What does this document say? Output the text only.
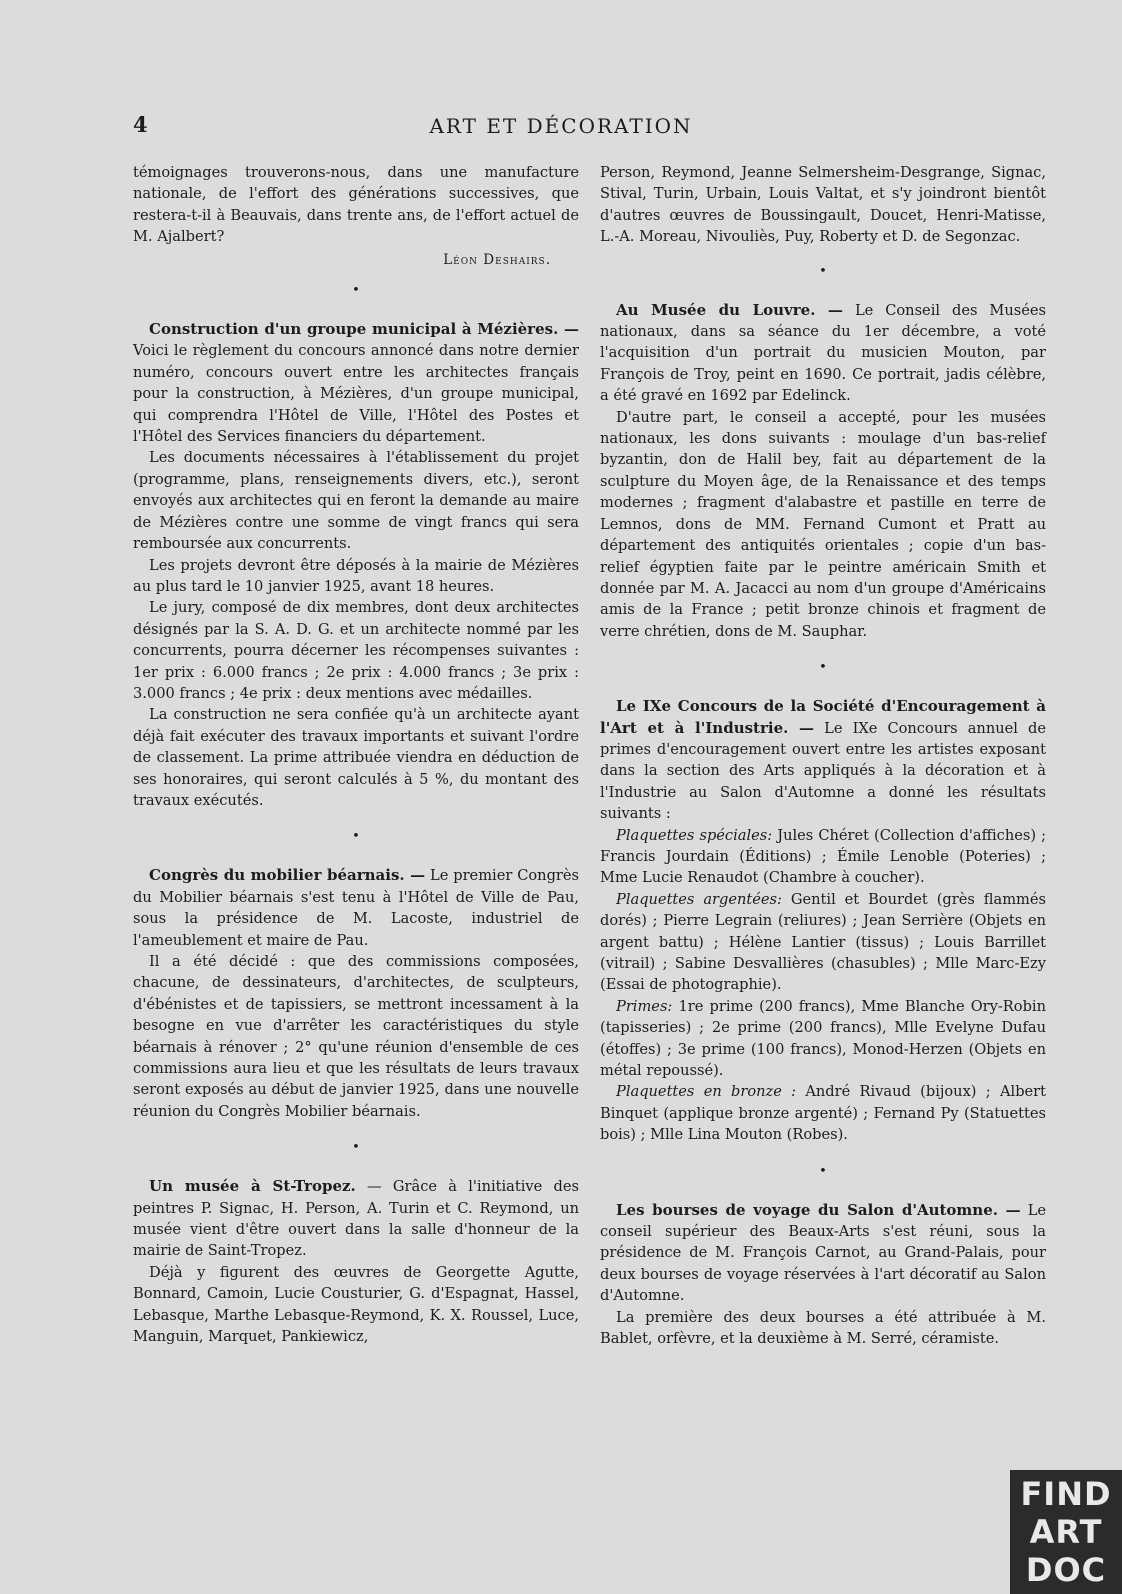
4	ART ET DÉCORATION

témoignages trouverons-nous, dans une manufacture nationale, de l'effort des générations successives, que restera-t-il à Beauvais, dans trente ans, de l'effort actuel de M. Ajalbert?

Léon Deshairs.

•

Construction d'un groupe municipal à Mézières. — Voici le règlement du concours annoncé dans notre dernier numéro, concours ouvert entre les architectes français pour la construction, à Mézières, d'un groupe municipal, qui comprendra l'Hôtel de Ville, l'Hôtel des Postes et l'Hôtel des Services financiers du département.

Les documents nécessaires à l'établissement du projet (programme, plans, renseignements divers, etc.), seront envoyés aux architectes qui en feront la demande au maire de Mézières contre une somme de vingt francs qui sera remboursée aux concurrents.

Les projets devront être déposés à la mairie de Mézières au plus tard le 10 janvier 1925, avant 18 heures.

Le jury, composé de dix membres, dont deux architectes désignés par la S. A. D. G. et un architecte nommé par les concurrents, pourra décerner les récompenses suivantes : 1er prix : 6.000 francs ; 2e prix : 4.000 francs ; 3e prix : 3.000 francs ; 4e prix : deux mentions avec médailles.

La construction ne sera confiée qu'à un architecte ayant déjà fait exécuter des travaux importants et suivant l'ordre de classement. La prime attribuée viendra en déduction de ses honoraires, qui seront calculés à 5 %, du montant des travaux exécutés.

•

Congrès du mobilier béarnais. — Le premier Congrès du Mobilier béarnais s'est tenu à l'Hôtel de Ville de Pau, sous la présidence de M. Lacoste, industriel de l'ameublement et maire de Pau.

Il a été décidé : que des commissions composées, chacune, de dessinateurs, d'architectes, de sculpteurs, d'ébénistes et de tapissiers, se mettront incessament à la besogne en vue d'arrêter les caractéristiques du style béarnais à rénover ; 2° qu'une réunion d'ensemble de ces commissions aura lieu et que les résultats de leurs travaux seront exposés au début de janvier 1925, dans une nouvelle réunion du Congrès Mobilier béarnais.

•

Un musée à St-Tropez. — Grâce à l'initiative des peintres P. Signac, H. Person, A. Turin et C. Reymond, un musée vient d'être ouvert dans la salle d'honneur de la mairie de Saint-Tropez.

Déjà y figurent des œuvres de Georgette Agutte, Bonnard, Camoin, Lucie Cousturier, G. d'Espagnat, Hassel, Lebasque, Marthe Lebasque-Reymond, K. X. Roussel, Luce, Manguin, Marquet, Pankiewicz,

Person, Reymond, Jeanne Selmersheim-Desgrange, Signac, Stival, Turin, Urbain, Louis Valtat, et s'y joindront bientôt d'autres œuvres de Boussingault, Doucet, Henri-Matisse, L.-A. Moreau, Nivouliès, Puy, Roberty et D. de Segonzac.

•

Au Musée du Louvre. — Le Conseil des Musées nationaux, dans sa séance du 1er décembre, a voté l'acquisition d'un portrait du musicien Mouton, par François de Troy, peint en 1690. Ce portrait, jadis célèbre, a été gravé en 1692 par Edelinck.

D'autre part, le conseil a accepté, pour les musées nationaux, les dons suivants : moulage d'un bas-relief byzantin, don de Halil bey, fait au département de la sculpture du Moyen âge, de la Renaissance et des temps modernes ; fragment d'alabastre et pastille en terre de Lemnos, dons de MM. Fernand Cumont et Pratt au département des antiquités orientales ; copie d'un bas-relief égyptien faite par le peintre américain Smith et donnée par M. A. Jacacci au nom d'un groupe d'Américains amis de la France ; petit bronze chinois et fragment de verre chrétien, dons de M. Sauphar.

•

Le IXe Concours de la Société d'Encouragement à l'Art et à l'Industrie. — Le IXe Concours annuel de primes d'encouragement ouvert entre les artistes exposant dans la section des Arts appliqués à la décoration et à l'Industrie au Salon d'Automne a donné les résultats suivants :

Plaquettes spéciales: Jules Chéret (Collection d'affiches) ; Francis Jourdain (Éditions) ; Émile Lenoble (Poteries) ; Mme Lucie Renaudot (Chambre à coucher).

Plaquettes argentées: Gentil et Bourdet (grès flammés dorés) ; Pierre Legrain (reliures) ; Jean Serrière (Objets en argent battu) ; Hélène Lantier (tissus) ; Louis Barrillet (vitrail) ; Sabine Desvallières (chasubles) ; Mlle Marc-Ezy (Essai de photographie).

Primes: 1re prime (200 francs), Mme Blanche Ory-Robin (tapisseries) ; 2e prime (200 francs), Mlle Evelyne Dufau (étoffes) ; 3e prime (100 francs), Monod-Herzen (Objets en métal repoussé).

Plaquettes en bronze : André Rivaud (bijoux) ; Albert Binquet (applique bronze argenté) ; Fernand Py (Statuettes bois) ; Mlle Lina Mouton (Robes).

•

Les bourses de voyage du Salon d'Automne. — Le conseil supérieur des Beaux-Arts s'est réuni, sous la présidence de M. François Carnot, au Grand-Palais, pour deux bourses de voyage réservées à l'art décoratif au Salon d'Automne.

La première des deux bourses a été attribuée à M. Bablet, orfèvre, et la deuxième à M. Serré, céramiste.

FIND
ART
DOC
